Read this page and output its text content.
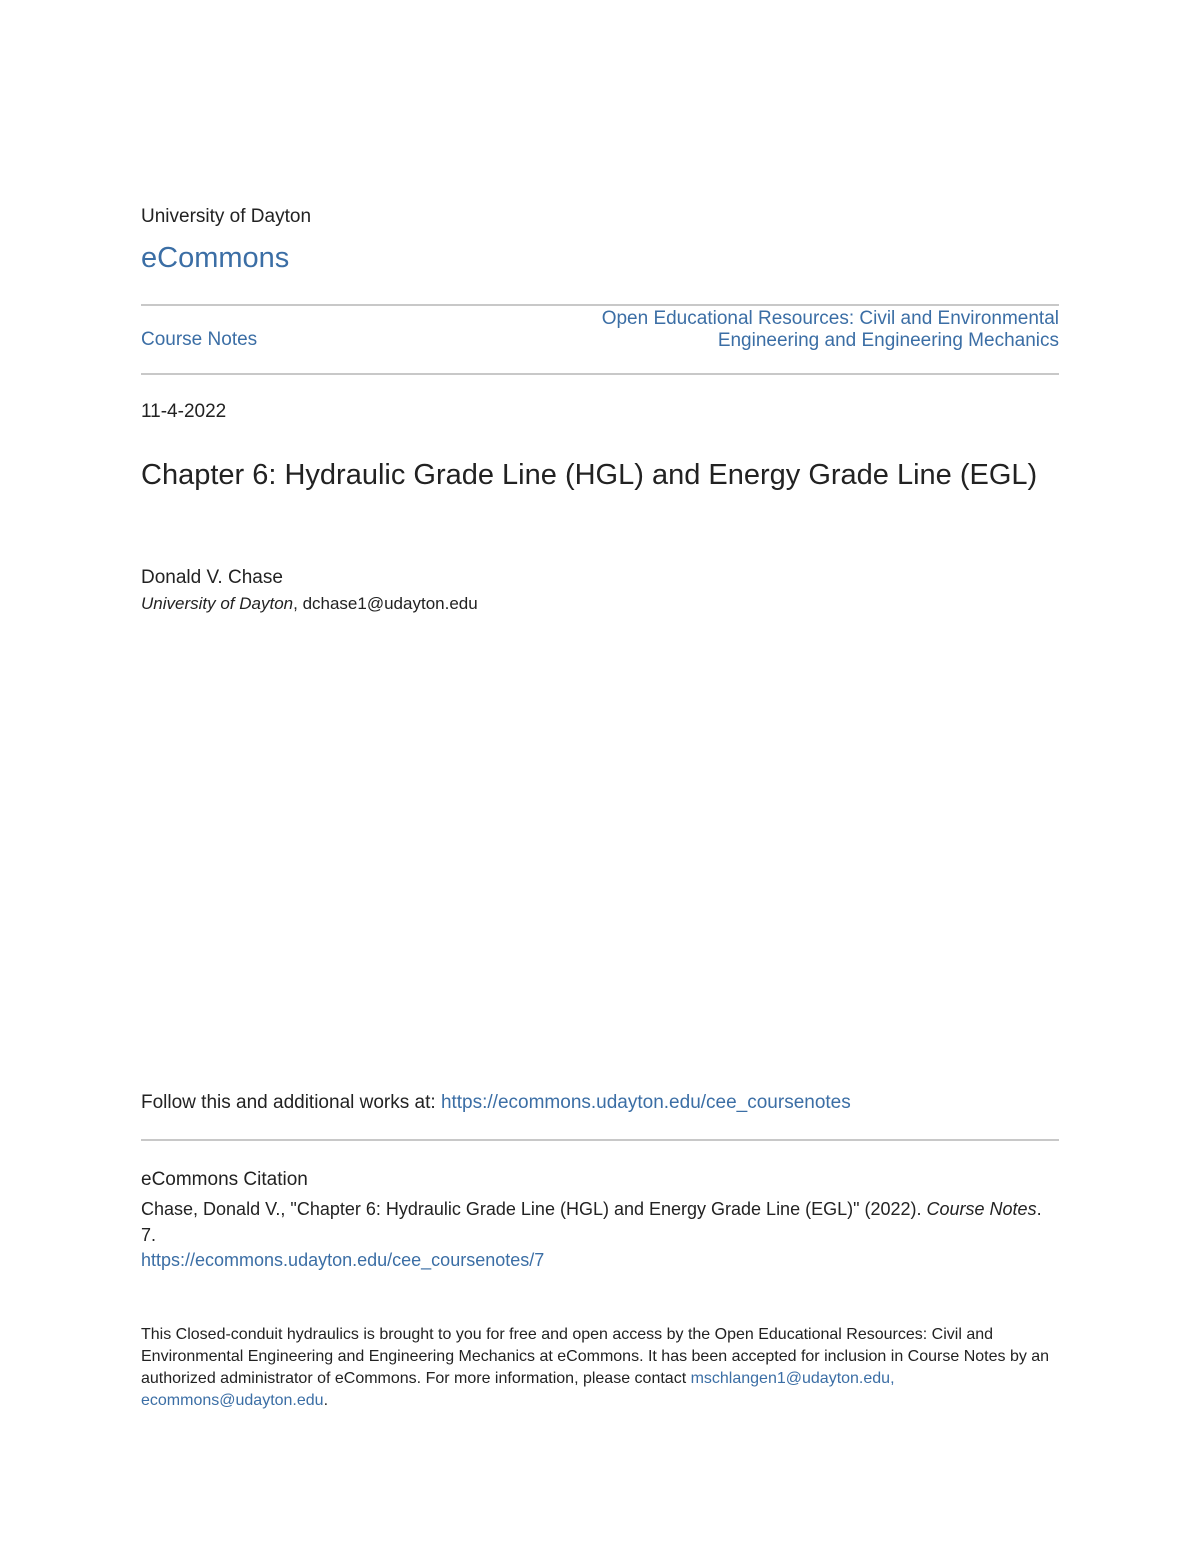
University of Dayton
eCommons
Course Notes
Open Educational Resources: Civil and Environmental Engineering and Engineering Mechanics
11-4-2022
Chapter 6: Hydraulic Grade Line (HGL) and Energy Grade Line (EGL)
Donald V. Chase
University of Dayton, dchase1@udayton.edu
Follow this and additional works at: https://ecommons.udayton.edu/cee_coursenotes
eCommons Citation
Chase, Donald V., "Chapter 6: Hydraulic Grade Line (HGL) and Energy Grade Line (EGL)" (2022). Course Notes. 7.
https://ecommons.udayton.edu/cee_coursenotes/7
This Closed-conduit hydraulics is brought to you for free and open access by the Open Educational Resources: Civil and Environmental Engineering and Engineering Mechanics at eCommons. It has been accepted for inclusion in Course Notes by an authorized administrator of eCommons. For more information, please contact mschlangen1@udayton.edu, ecommons@udayton.edu.
